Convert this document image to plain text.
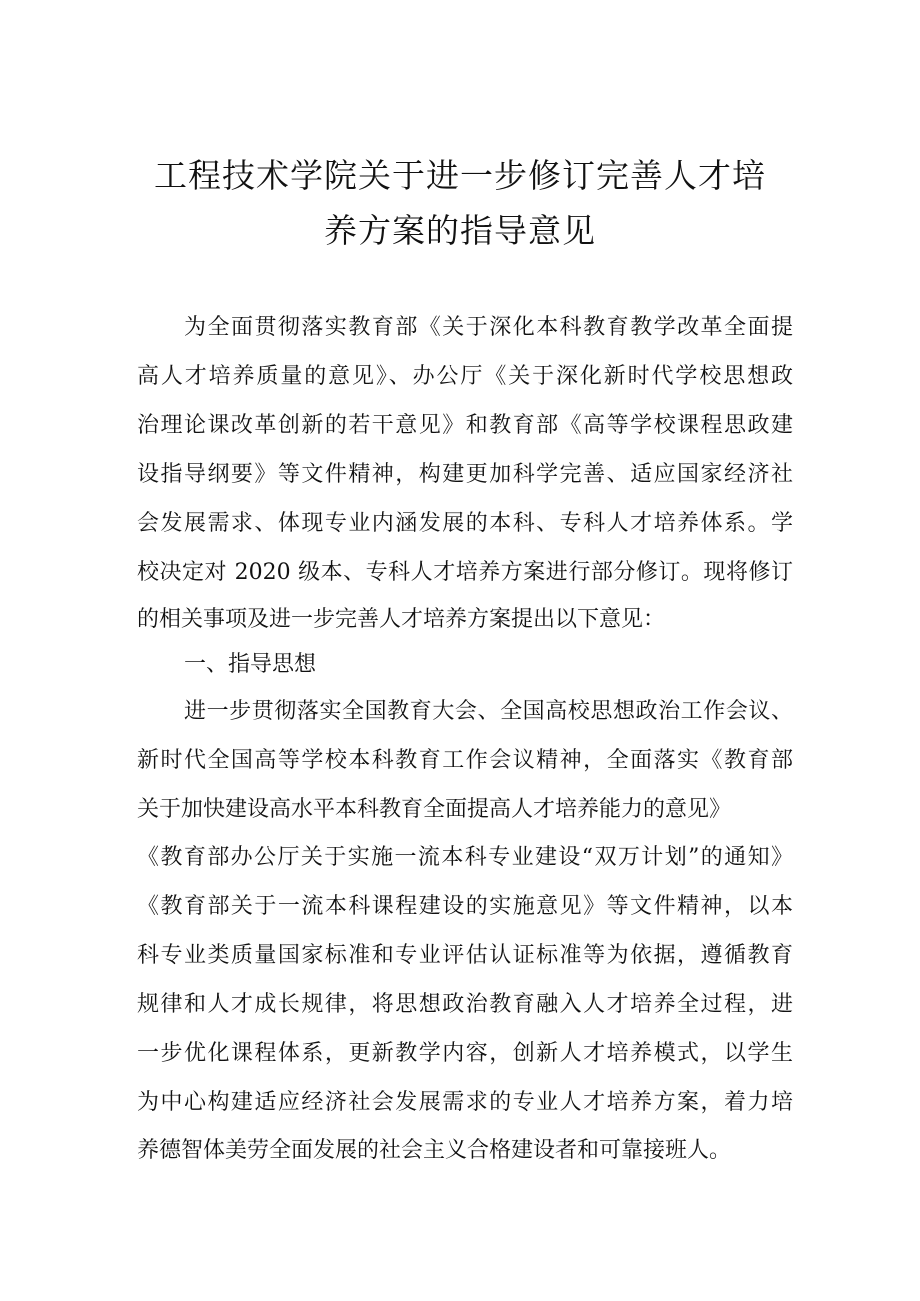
工程技术学院关于进一步修订完善人才培
养方案的指导意见
为全面贯彻落实教育部《关于深化本科教育教学改革全面提
高人才培养质量的意见》、办公厅《关于深化新时代学校思想政
治理论课改革创新的若干意见》和教育部《高等学校课程思政建
设指导纲要》等文件精神，构建更加科学完善、适应国家经济社
会发展需求、体现专业内涵发展的本科、专科人才培养体系。学
校决定对 2020 级本、专科人才培养方案进行部分修订。现将修订
的相关事项及进一步完善人才培养方案提出以下意见：
一、指导思想
进一步贯彻落实全国教育大会、全国高校思想政治工作会议、
新时代全国高等学校本科教育工作会议精神，全面落实《教育部
关于加快建设高水平本科教育全面提高人才培养能力的意见》
《教育部办公厅关于实施一流本科专业建设“双万计划”的通知》
《教育部关于一流本科课程建设的实施意见》等文件精神，以本
科专业类质量国家标准和专业评估认证标准等为依据，遵循教育
规律和人才成长规律，将思想政治教育融入人才培养全过程，进
一步优化课程体系，更新教学内容，创新人才培养模式，以学生
为中心构建适应经济社会发展需求的专业人才培养方案，着力培
养德智体美劳全面发展的社会主义合格建设者和可靠接班人。
